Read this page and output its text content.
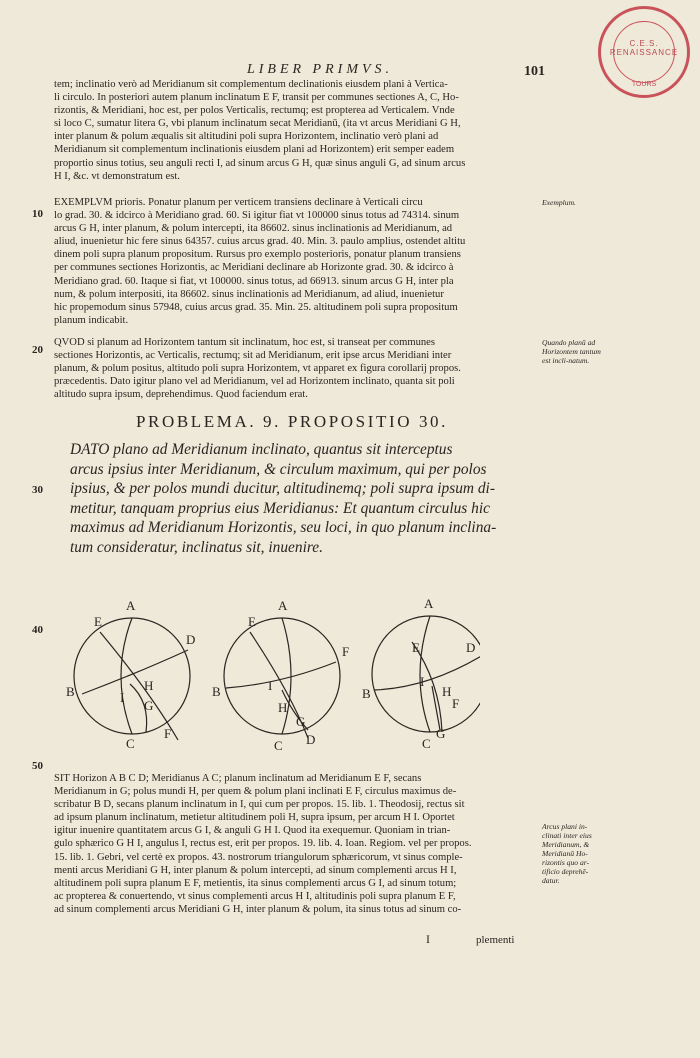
C.E.S. RENAISSANCE
TOURS
LIBER PRIMVS.	101
tem; inclinatio verò ad Meridianum sit complementum declinationis eiusdem plani à Vertica-
li circulo. In posteriori autem planum inclinatum E F, transit per communes sectiones A, C, Ho-
rizontis, & Meridiani, hoc est, per polos Verticalis, rectumq; est propterea ad Verticalem. Vnde
si loco C, sumatur litera G, vbi planum inclinatum secat Meridianū, (ita vt arcus Meridiani G H,
inter planum & polum æqualis sit altitudini poli supra Horizontem, inclinatio verò plani ad
Meridianum sit complementum inclinationis eiusdem plani ad Horizontem) erit semper eadem
proportio sinus totius, seu anguli recti I, ad sinum arcus G H, quæ sinus anguli G, ad sinum arcus
H I, &c. vt demonstratum est.
EXEMPLVM prioris. Ponatur planum per verticem transiens declinare à Verticali circu
lo grad. 30. & idcirco à Meridiano grad. 60. Si igitur fiat vt 100000 sinus totus ad 74314. sinum
arcus G H, inter planum, & polum intercepti, ita 86602. sinus inclinationis ad Meridianum, ad
aliud, inuenietur hic fere sinus 64357. cuius arcus grad. 40. Min. 3. paulo amplius, ostendet altitu
dinem poli supra planum propositum. Rursus pro exemplo posterioris, ponatur planum transiens
per communes sectiones Horizontis, ac Meridiani declinare ab Horizonte grad. 30. & idcirco à
Meridiano grad. 60. Itaque si fiat, vt 100000. sinus totus, ad 66913. sinum arcus G H, inter pla
num, & polum interpositi, ita 86602. sinus inclinationis ad Meridianum, ad aliud, inuenietur
hic propemodum sinus 57948, cuius arcus grad. 35. Min. 25. altitudinem poli supra propositum
planum indicabit.
QVOD si planum ad Horizontem tantum sit inclinatum, hoc est, si transeat per communes
sectiones Horizontis, ac Verticalis, rectumq; sit ad Meridianum, erit ipse arcus Meridiani inter
planum, & polum positus, altitudo poli supra Horizontem, vt apparet ex figura corollarij propos.
præcedentis. Dato igitur plano vel ad Meridianum, vel ad Horizontem inclinato, quanta sit poli
altitudo supra ipsum, deprehendimus. Quod faciendum erat.
PROBLEMA. 9. PROPOSITIO 30.
DATO plano ad Meridianum inclinato, quantus sit interceptus
arcus ipsius inter Meridianum, & circulum maximum, qui per polos
ipsius, & per polos mundi ducitur, altitudinemq; poli supra ipsum di-
metitur, tanquam proprius eius Meridianus: Et quantum circulus hic
maximus ad Meridianum Horizontis, seu loci, in quo planum inclina-
tum consideratur, inclinatus sit, inuenire.
10
20
30
40
50
Exemplum.
Quando planū ad Horizontem tantum est incli-natum.
Arcus plani in-clinati inter eius Meridianum, & Meridianū Ho-rizontis quo ar-tificio deprehē-datur.
A
B
C
D
E
F
G
H
I
A
B
C D
E
F
G
H
I
A
B
C
D
E
F
G
H
I
SIT Horizon A B C D; Meridianus A C; planum inclinatum ad Meridianum E F, secans
Meridianum in G; polus mundi H, per quem & polum plani inclinati E F, circulus maximus de-
scribatur B D, secans planum inclinatum in I, qui cum per propos. 15. lib. 1. Theodosij, rectus sit
ad ipsum planum inclinatum, metietur altitudinem poli H, supra ipsum, per arcum H I. Oportet
igitur inuenire quantitatem arcus G I, & anguli G H I. Quod ita exequemur. Quoniam in trian-
gulo sphærico G H I, angulus I, rectus est, erit per propos. 19. lib. 4. Ioan. Regiom. vel per propos.
15. lib. 1. Gebri, vel certè ex propos. 43. nostrorum triangulorum sphæricorum, vt sinus comple-
menti arcus Meridiani G H, inter planum & polum intercepti, ad sinum complementi arcus H I,
altitudinem poli supra planum E F, metientis, ita sinus complementi arcus G I, ad sinum totum;
ac propterea & conuertendo, vt sinus complementi arcus H I, altitudinis poli supra planum E F,
ad sinum complementi arcus Meridiani G H, inter planum & polum, ita sinus totus ad sinum co-
I	plementi
